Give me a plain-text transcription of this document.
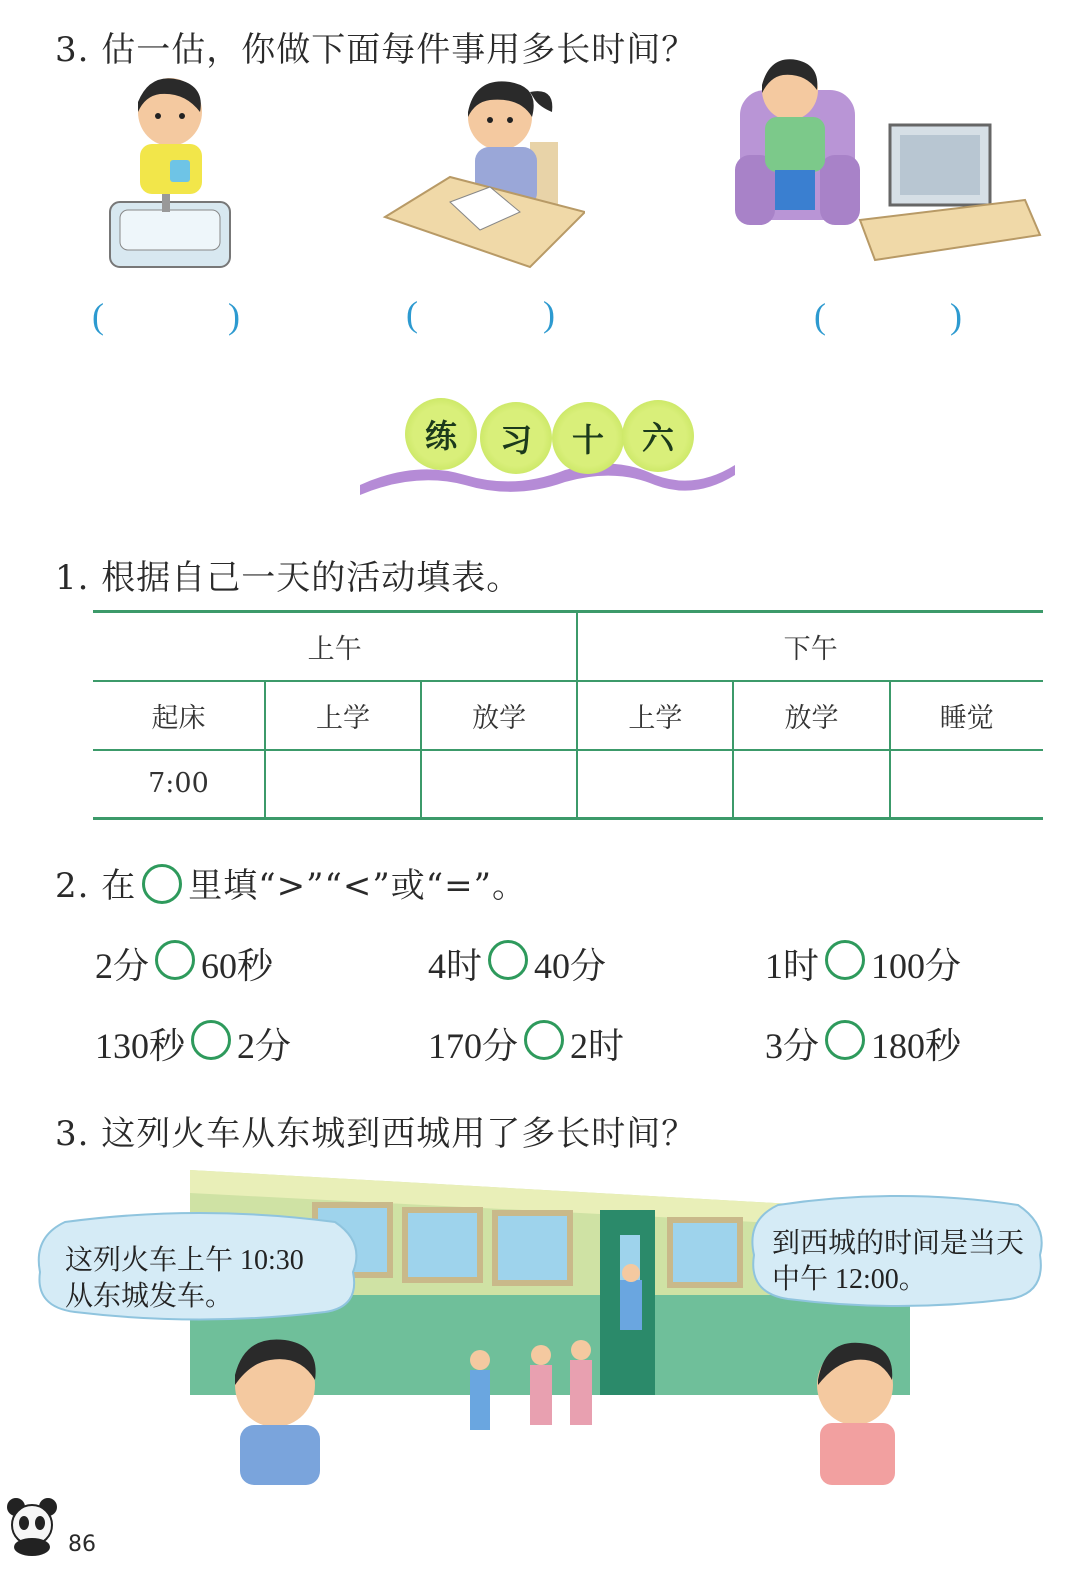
3. 估一估，你做下面每件事用多长时间？
(	)	(	)	(	)
练	习	十	六
1. 根据自己一天的活动填表。
上午			下午		
起床	上学	放学	上学	放学	睡觉
7:00					
2. 在 里填“>”“<”或“=”。
2分 60秒	4时 40分	1时 100分
130秒 2分	170分 2时	3分 180秒
3. 这列火车从东城到西城用了多长时间？
这列火车上午 10:30
从东城发车。
到西城的时间是当天
中午 12:00。
86
